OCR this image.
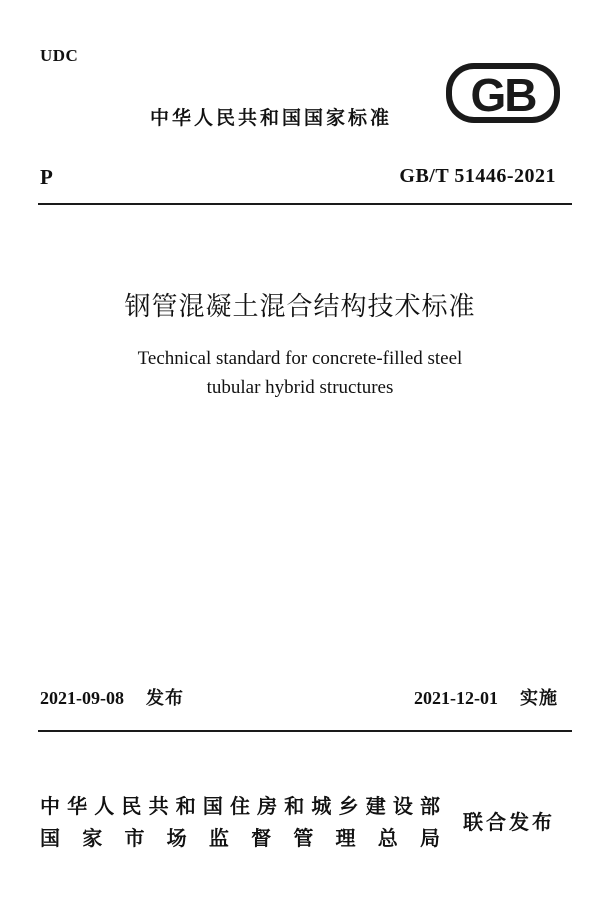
UDC
中华人民共和国国家标准 GB
P	GB/T 51446-2021
钢管混凝土混合结构技术标准
Technical standard for concrete-filled steel
tubular hybrid structures
2021-09-08 发布	2021-12-01 实施
中 华 人 民 共 和 国 住 房 和 城 乡 建 设 部
国 家 市 场 监 督 管 理 总 局
联合发布
